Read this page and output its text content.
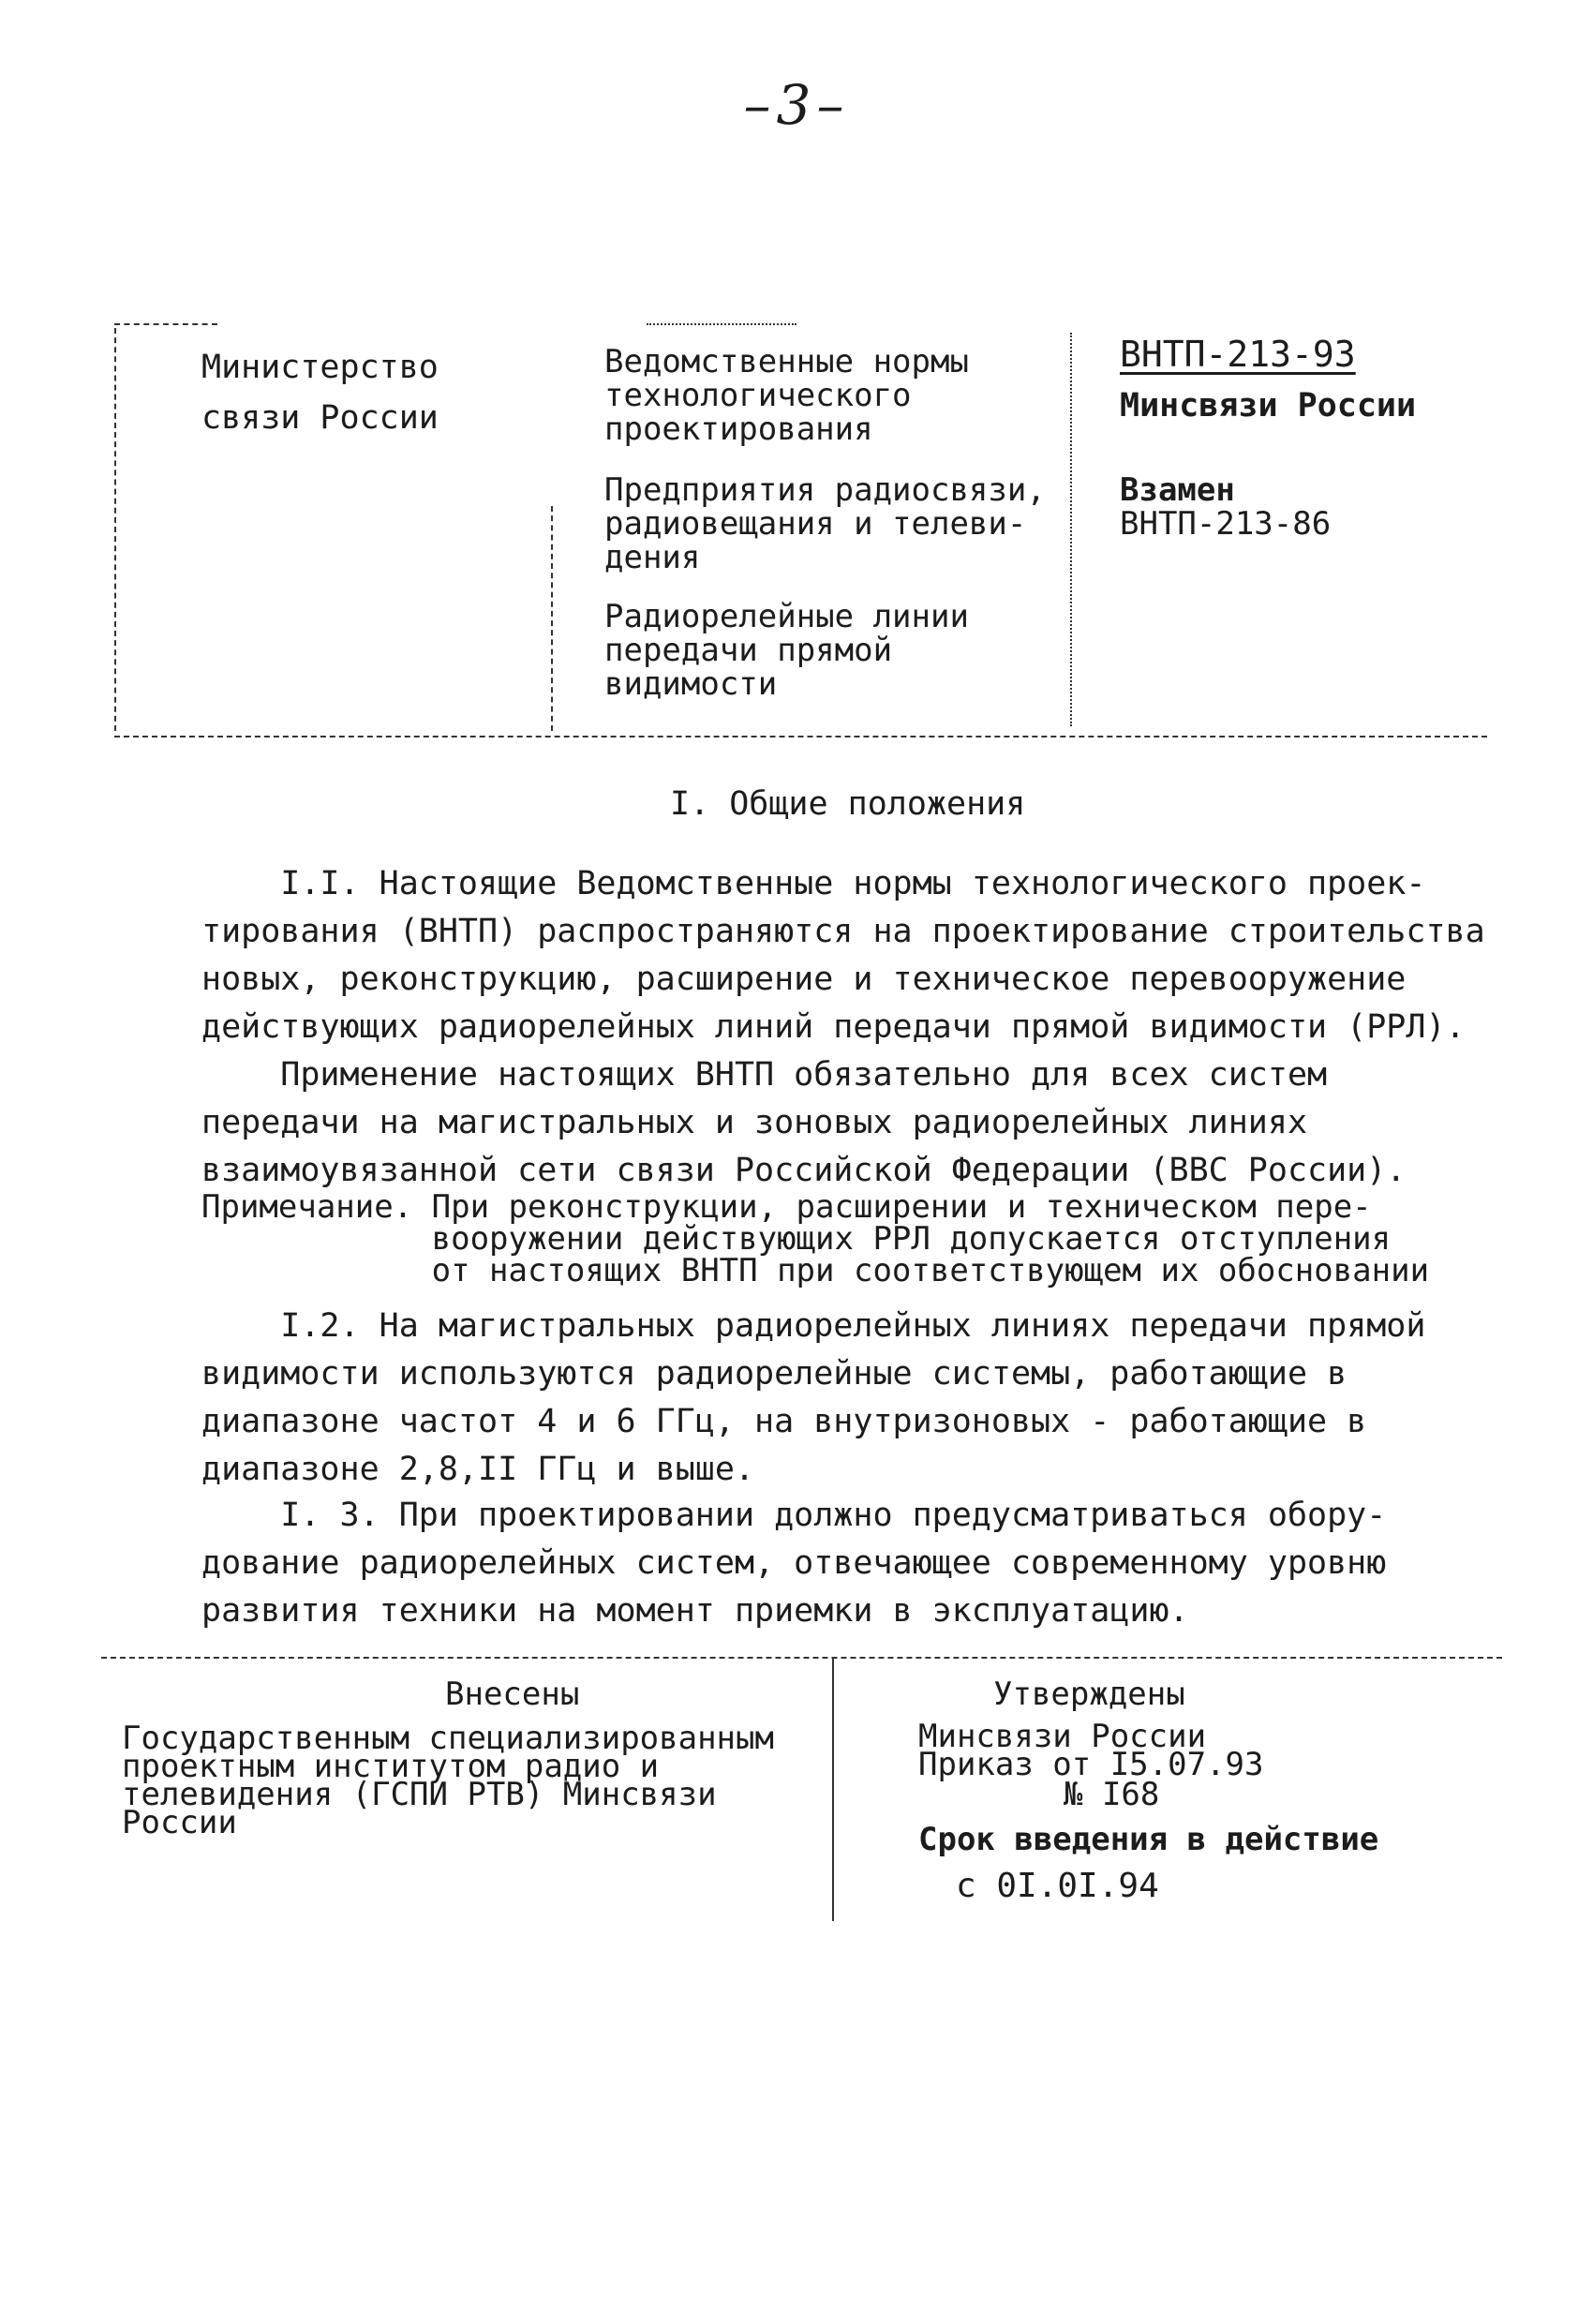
–3–
Министерство
связи России
Ведомственные нормы
технологического
проектирования
Предприятия радиосвязи,
радиовещания и телеви-
дения
Радиорелейные линии
передачи прямой
видимости
ВНТП-213-93
Минсвязи России
Взамен
ВНТП-213-86
I. Общие положения
I.I. Настоящие Ведомственные нормы технологического проек-
тирования (ВНТП) распространяются на проектирование строительства
новых, реконструкцию, расширение и техническое перевооружение
действующих радиорелейных линий передачи прямой видимости (РРЛ).
Применение настоящих ВНТП обязательно для всех систем
передачи на магистральных и зоновых радиорелейных линиях
взаимоувязанной сети связи Российской Федерации (ВВС России).
Примечание. При реконструкции, расширении и техническом пере-
вооружении действующих РРЛ допускается отступления
от настоящих ВНТП при соответствующем их обосновании
I.2. На магистральных радиорелейных линиях передачи прямой
видимости используются радиорелейные системы, работающие в
диапазоне частот 4 и 6 ГГц, на внутризоновых - работающие в
диапазоне 2,8,II ГГц и выше.
I. 3. При проектировании должно предусматриваться обору-
дование радиорелейных систем, отвечающее современному уровню
развития техники на момент приемки в эксплуатацию.
Внесены	Утверждены
Государственным специализированным
проектным институтом радио и
телевидения (ГСПИ РТВ) Минсвязи
России
Минсвязи России
Приказ от I5.07.93
№ I68
Срок введения в действие
с 0I.0I.94
